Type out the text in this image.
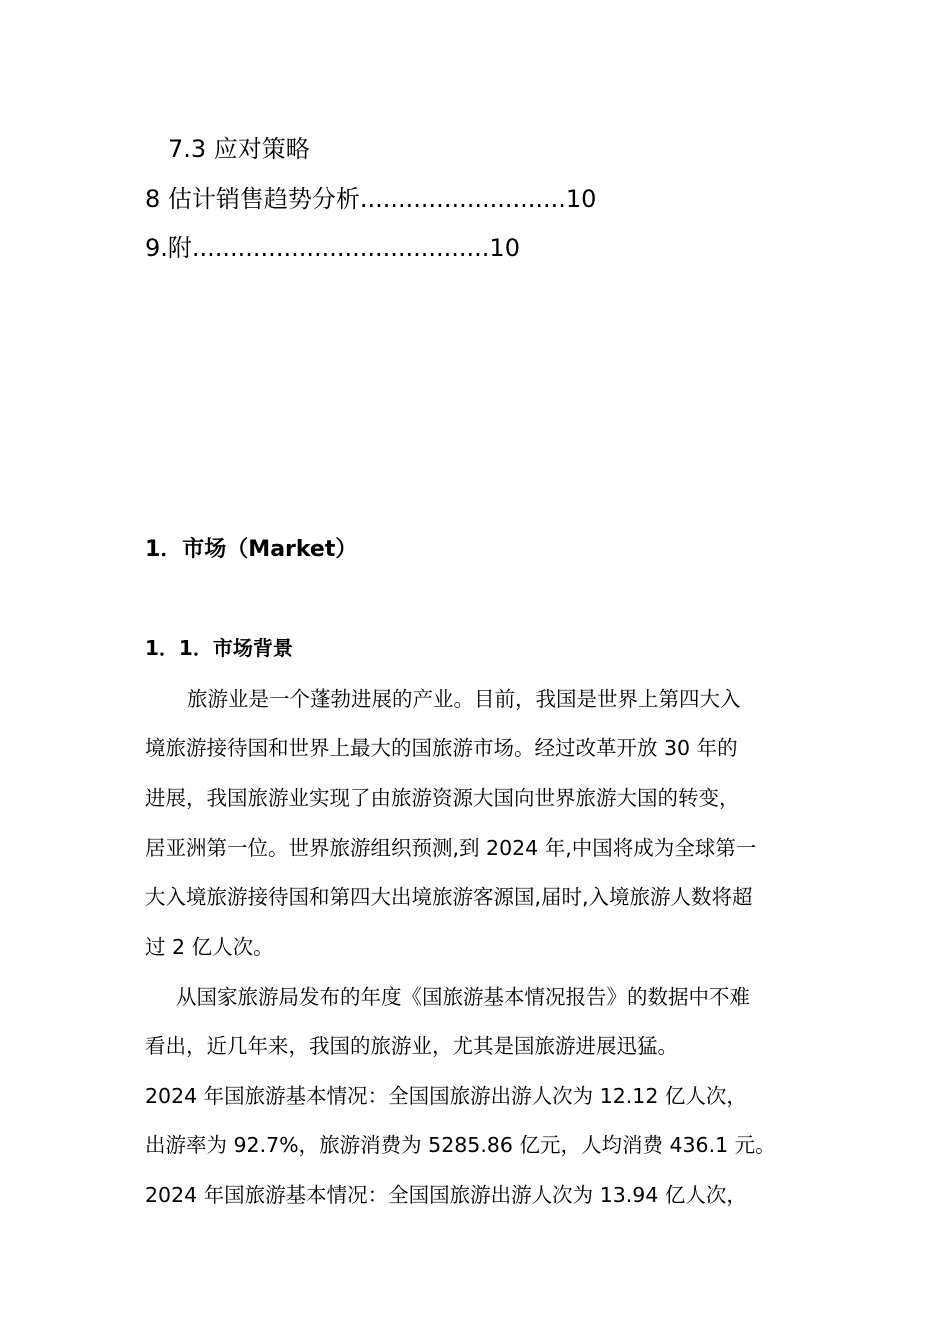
7.3 应对策略
8 估计销售趋势分析...........................10
9.附.......................................10
1．市场（Market）
1．1．市场背景
旅游业是一个蓬勃进展的产业。目前，我国是世界上第四大入
境旅游接待国和世界上最大的国旅游市场。经过改革开放 30 年的
进展，我国旅游业实现了由旅游资源大国向世界旅游大国的转变，
居亚洲第一位。世界旅游组织预测,到 2024 年,中国将成为全球第一
大入境旅游接待国和第四大出境旅游客源国,届时,入境旅游人数将超
过 2 亿人次。
从国家旅游局发布的年度《国旅游基本情况报告》的数据中不难
看出，近几年来，我国的旅游业，尤其是国旅游进展迅猛。
2024 年国旅游基本情况：全国国旅游出游人次为 12.12 亿人次，
出游率为 92.7%，旅游消费为 5285.86 亿元，人均消费 436.1 元。
2024 年国旅游基本情况：全国国旅游出游人次为 13.94 亿人次，
